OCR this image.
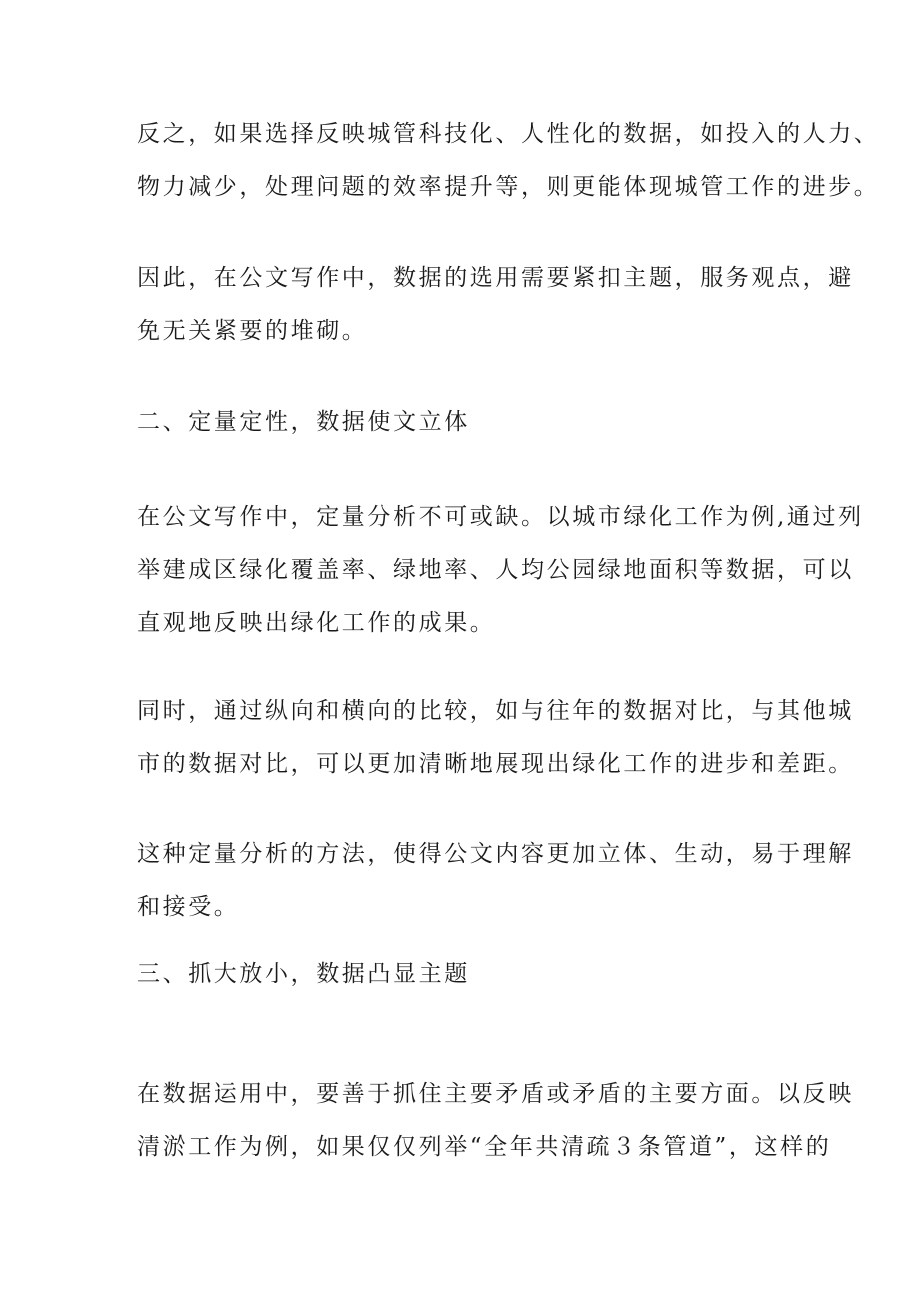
反之，如果选择反映城管科技化、人性化的数据，如投入的人力、
物力减少，处理问题的效率提升等，则更能体现城管工作的进步。

因此，在公文写作中，数据的选用需要紧扣主题，服务观点，避
免无关紧要的堆砌。

二、定量定性，数据使文立体

在公文写作中，定量分析不可或缺。以城市绿化工作为例,通过列
举建成区绿化覆盖率、绿地率、人均公园绿地面积等数据，可以
直观地反映出绿化工作的成果。

同时，通过纵向和横向的比较，如与往年的数据对比，与其他城
市的数据对比，可以更加清晰地展现出绿化工作的进步和差距。

这种定量分析的方法，使得公文内容更加立体、生动，易于理解
和接受。

三、抓大放小，数据凸显主题

在数据运用中，要善于抓住主要矛盾或矛盾的主要方面。以反映
清淤工作为例，如果仅仅列举“全年共清疏３条管道”，这样的
